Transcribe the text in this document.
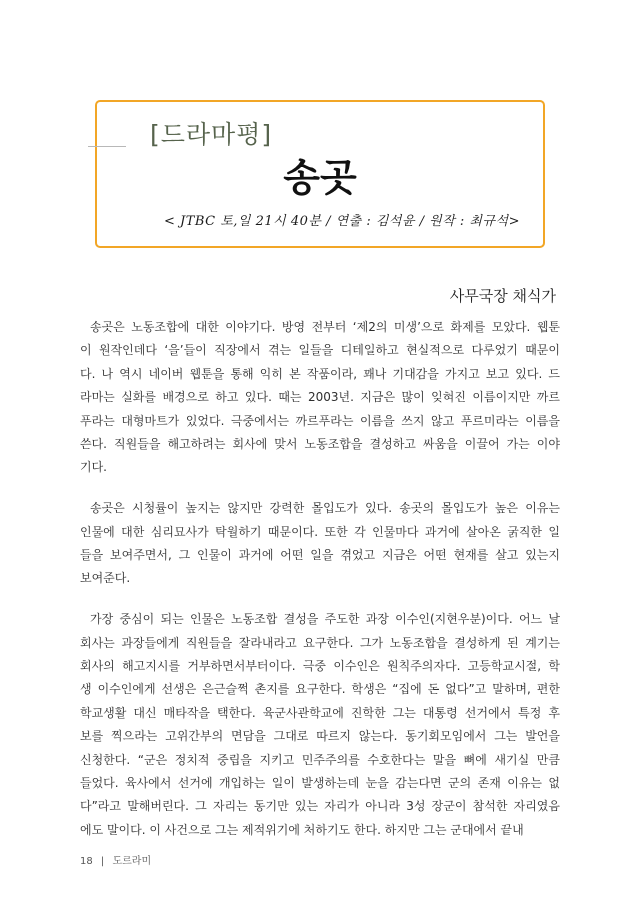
[드라마평]
송곳
< JTBC 토,일 21시 40분 / 연출 : 김석윤 / 원작 : 최규석>
사무국장 채식가
송곳은 노동조합에 대한 이야기다. 방영 전부터 ‘제2의 미생’으로 화제를 모았다. 웹툰
이 원작인데다 ‘을’들이 직장에서 겪는 일들을 디테일하고 현실적으로 다루었기 때문이
다. 나 역시 네이버 웹툰을 통해 익히 본 작품이라, 꽤나 기대감을 가지고 보고 있다. 드
라마는 실화를 배경으로 하고 있다. 때는 2003년. 지금은 많이 잊혀진 이름이지만 까르
푸라는 대형마트가 있었다. 극중에서는 까르푸라는 이름을 쓰지 않고 푸르미라는 이름을
쓴다. 직원들을 해고하려는 회사에 맞서 노동조합을 결성하고 싸움을 이끌어 가는 이야
기다.
송곳은 시청률이 높지는 않지만 강력한 몰입도가 있다. 송곳의 몰입도가 높은 이유는
인물에 대한 심리묘사가 탁월하기 때문이다. 또한 각 인물마다 과거에 살아온 굵직한 일
들을 보여주면서, 그 인물이 과거에 어떤 일을 겪었고 지금은 어떤 현재를 살고 있는지
보여준다.
가장 중심이 되는 인물은 노동조합 결성을 주도한 과장 이수인(지현우분)이다. 어느 날
회사는 과장들에게 직원들을 잘라내라고 요구한다. 그가 노동조합을 결성하게 된 계기는
회사의 해고지시를 거부하면서부터이다. 극중 이수인은 원칙주의자다. 고등학교시절, 학
생 이수인에게 선생은 은근슬쩍 촌지를 요구한다. 학생은 “집에 돈 없다”고 말하며, 편한
학교생활 대신 매타작을 택한다. 육군사관학교에 진학한 그는 대통령 선거에서 특정 후
보를 찍으라는 고위간부의 면담을 그대로 따르지 않는다. 동기회모임에서 그는 발언을
신청한다. “군은 정치적 중립을 지키고 민주주의를 수호한다는 말을 뼈에 새기실 만큼
들었다. 육사에서 선거에 개입하는 일이 발생하는데 눈을 감는다면 군의 존재 이유는 없
다”라고 말해버린다. 그 자리는 동기만 있는 자리가 아니라 3성 장군이 참석한 자리였음
에도 말이다. 이 사건으로 그는 제적위기에 처하기도 한다. 하지만 그는 군대에서 끝내
18 | 도르라미
